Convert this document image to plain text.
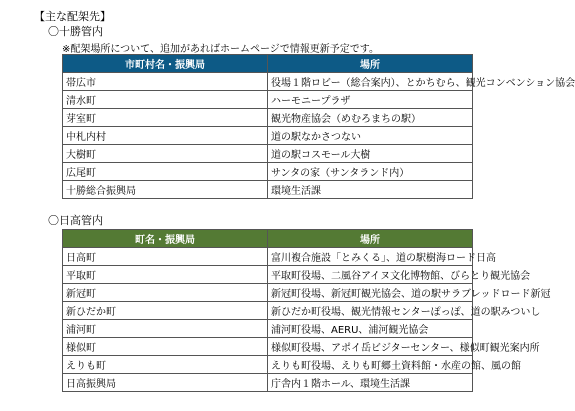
【主な配架先】
〇十勝管内
※配架場所について、追加があればホームページで情報更新予定です。
市町村名・振興局	場所
帯広市	役場１階ロビー（総合案内）、とかちむら、観光コンベンション協会
清水町	ハーモニープラザ
芽室町	観光物産協会（めむろまちの駅）
中札内村	道の駅なかさつない
大樹町	道の駅コスモール大樹
広尾町	サンタの家（サンタランド内）
十勝総合振興局	環境生活課
〇日高管内
町名・振興局	場所
日高町	富川複合施設「とみくる」、道の駅樹海ロード日高
平取町	平取町役場、二風谷アイヌ文化博物館、びらとり観光協会
新冠町	新冠町役場、新冠町観光協会、道の駅サラブレッドロード新冠
新ひだか町	新ひだか町役場、観光情報センターぽっぽ、道の駅みついし
浦河町	浦河町役場、AERU、浦河観光協会
様似町	様似町役場、アポイ岳ビジターセンター、様似町観光案内所
えりも町	えりも町役場、えりも町郷土資料館・水産の館、風の館
日高振興局	庁舎内１階ホール、環境生活課
